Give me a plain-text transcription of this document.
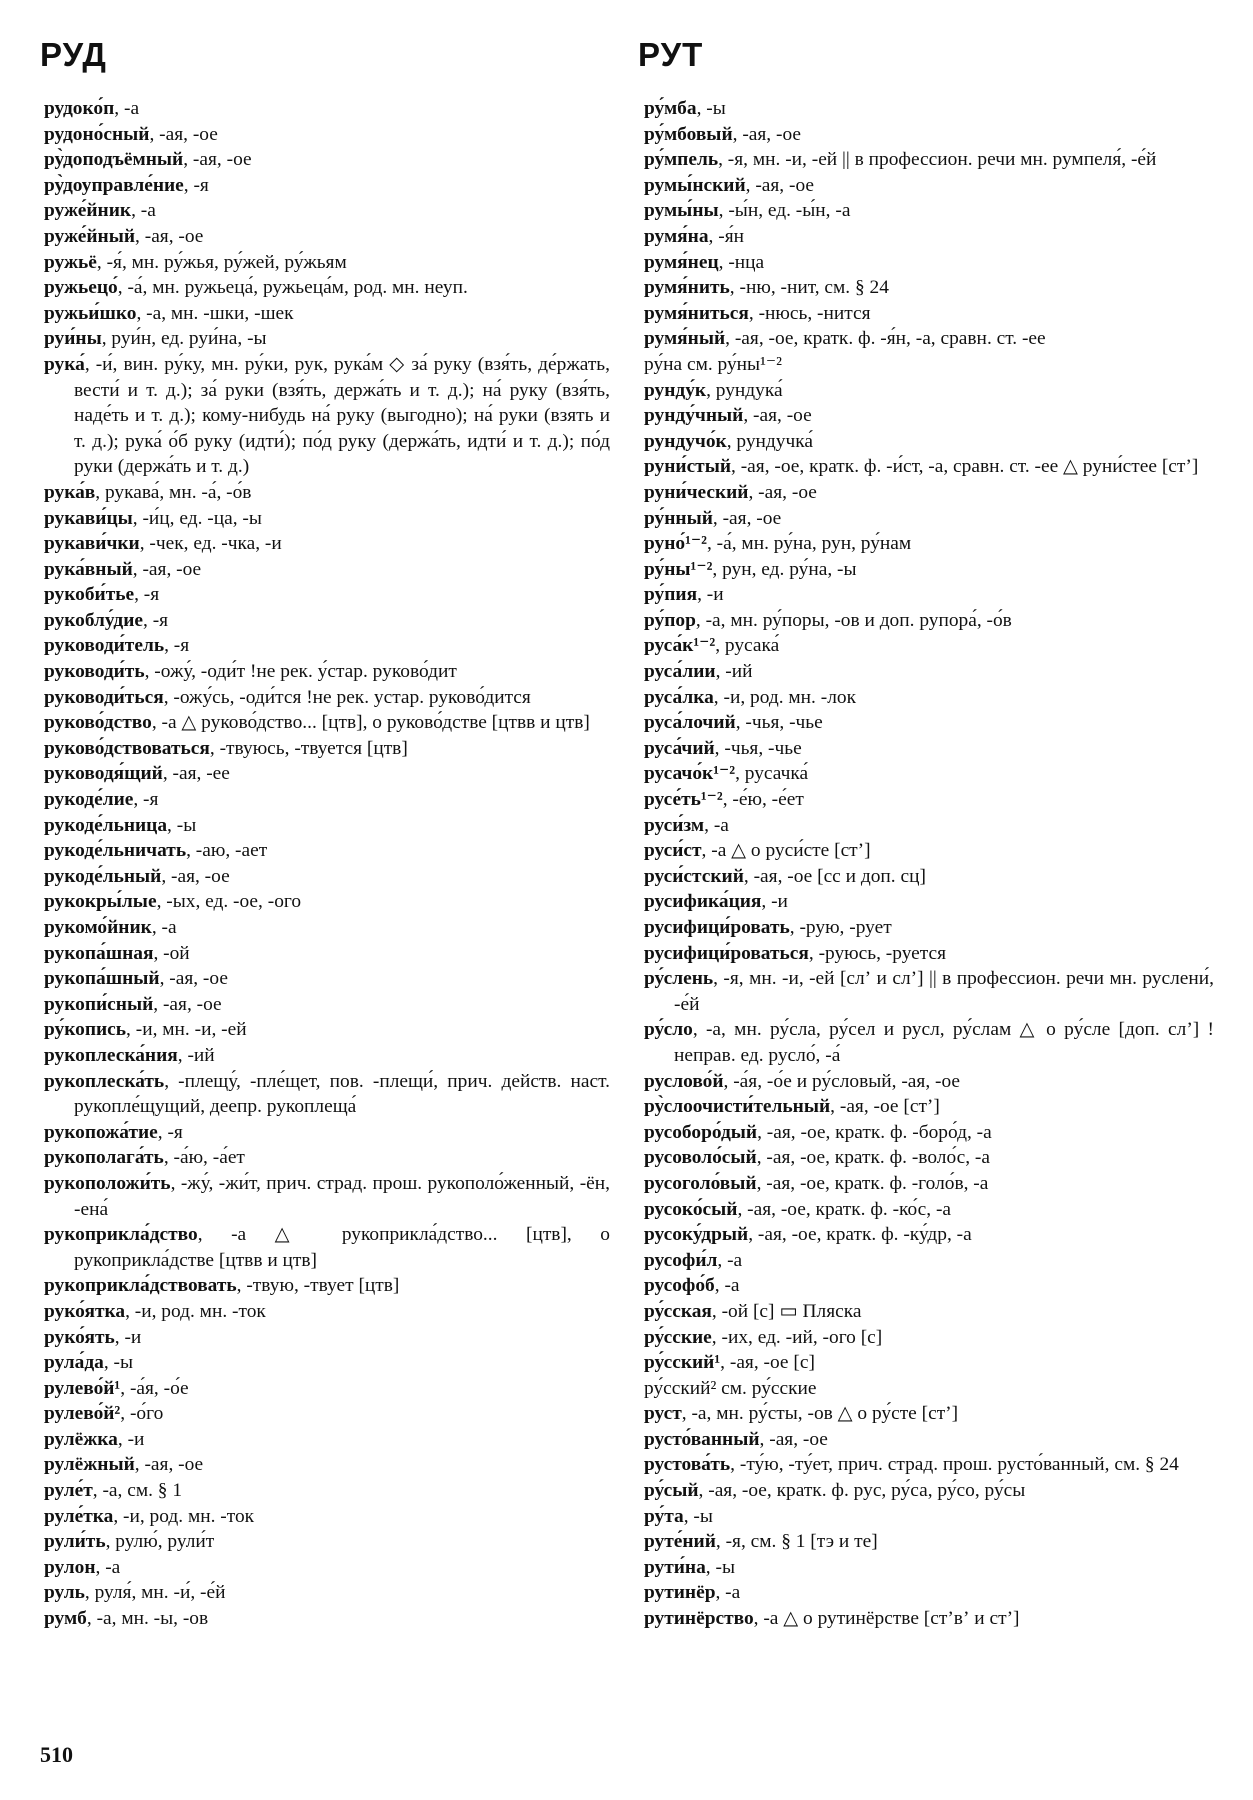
РУД	РУТ
рудоко́п, -а
рудоно́сный, -ая, -ое
ру̀доподъёмный, -ая, -ое
ру̀доуправле́ние, -я
руже́йник, -а
руже́йный, -ая, -ое
ружьё, -я́, мн. ру́жья, ру́жей, ру́жьям
ружьецо́, -а́, мн. ружьеца́, ружьеца́м, род. мн. неуп.
ружьи́шко, -а, мн. -шки, -шек
руи́ны, руи́н, ед. руи́на, -ы
рука́, -и́, вин. ру́ку, мн. ру́ки, рук, рука́м ◇ за́ руку (взя́ть, де́ржать, вести́ и т. д.); за́ руки (взя́ть, держа́ть и т. д.); на́ руку (взя́ть, наде́ть и т. д.); кому-нибудь на́ руку (выгодно); на́ руки (взять и т. д.); рука́ о́б руку (идти́); по́д руку (держа́ть, идти́ и т. д.); по́д руки (держа́ть и т. д.)
рука́в, рукава́, мн. -а́, -о́в
рукави́цы, -и́ц, ед. -ца, -ы
рукави́чки, -чек, ед. -чка, -и
рука́вный, -ая, -ое
рукоби́тье, -я
рукоблу́дие, -я
руководи́тель, -я
руководи́ть, -ожу́, -оди́т !не рек. у́стар. руково́дит
руководи́ться, -ожу́сь, -оди́тся !не рек. устар. руково́дится
руково́дство, -а △ руково́дство... [цтв], о руково́дстве [цтвв и цтв]
руково́дствоваться, -твуюсь, -твуется [цтв]
руководя́щий, -ая, -ее
рукоде́лие, -я
рукоде́льница, -ы
рукоде́льничать, -аю, -ает
рукоде́льный, -ая, -ое
рукокры́лые, -ых, ед. -ое, -ого
рукомо́йник, -а
рукопа́шная, -ой
рукопа́шный, -ая, -ое
рукопи́сный, -ая, -ое
ру́копись, -и, мн. -и, -ей
рукоплеска́ния, -ий
рукоплеска́ть, -плещу́, -пле́щет, пов. -плещи́, прич. действ. наст. рукопле́щущий, деепр. рукоплеща́
рукопожа́тие, -я
рукополага́ть, -а́ю, -а́ет
рукоположи́ть, -жу́, -жи́т, прич. страд. прош. рукополо́женный, -ён, -ена́
рукоприкла́дство, -а △ рукоприкла́дство... [цтв], о рукоприкла́дстве [цтвв и цтв]
рукоприкла́дствовать, -твую, -твует [цтв]
руко́ятка, -и, род. мн. -ток
руко́ять, -и
рула́да, -ы
рулево́й¹, -а́я, -о́е
рулево́й², -о́го
рулёжка, -и
рулёжный, -ая, -ое
руле́т, -а, см. § 1
руле́тка, -и, род. мн. -ток
рули́ть, рулю́, рули́т
рулон, -а
руль, руля́, мн. -и́, -е́й
румб, -а, мн. -ы, -ов
ру́мба, -ы
ру́мбовый, -ая, -ое
ру́мпель, -я, мн. -и, -ей || в профессион. речи мн. румпеля́, -е́й
румы́нский, -ая, -ое
румы́ны, -ы́н, ед. -ы́н, -а
румя́на, -я́н
румя́нец, -нца
румя́нить, -ню, -нит, см. § 24
румя́ниться, -нюсь, -нится
румя́ный, -ая, -ое, кратк. ф. -я́н, -а, сравн. ст. -ее
ру́на см. ру́ны¹⁻²
рунду́к, рундука́
рунду́чный, -ая, -ое
рундучо́к, рундучка́
руни́стый, -ая, -ое, кратк. ф. -и́ст, -а, сравн. ст. -ее △ руни́стее [стʼ]
руни́ческий, -ая, -ое
ру́нный, -ая, -ое
руно́¹⁻², -а́, мн. ру́на, рун, ру́нам
ру́ны¹⁻², рун, ед. ру́на, -ы
ру́пия, -и
ру́пор, -а, мн. ру́поры, -ов и доп. рупора́, -о́в
руса́к¹⁻², русака́
руса́лии, -ий
руса́лка, -и, род. мн. -лок
руса́лочий, -чья, -чье
руса́чий, -чья, -чье
русачо́к¹⁻², русачка́
русе́ть¹⁻², -е́ю, -е́ет
руси́зм, -а
руси́ст, -а △ о руси́сте [стʼ]
руси́стский, -ая, -ое [сс и доп. сц]
русифика́ция, -и
русифици́ровать, -рую, -рует
русифици́роваться, -руюсь, -руется
ру́слень, -я, мн. -и, -ей [слʼ и слʼ] || в профессион. речи мн. руслени́, -е́й
ру́сло, -а, мн. ру́сла, ру́сел и русл, ру́слам △ о ру́сле [доп. слʼ] !неправ. ед. русло́, -а́
руслово́й, -а́я, -о́е и ру́словый, -ая, -ое
ру̀слоочисти́тельный, -ая, -ое [стʼ]
русоборо́дый, -ая, -ое, кратк. ф. -боро́д, -а
русоволо́сый, -ая, -ое, кратк. ф. -воло́с, -а
русоголо́вый, -ая, -ое, кратк. ф. -голо́в, -а
русоко́сый, -ая, -ое, кратк. ф. -ко́с, -а
русоку́дрый, -ая, -ое, кратк. ф. -ку́др, -а
русофи́л, -а
русофо́б, -а
ру́сская, -ой [с] ▭ Пляска
ру́сские, -их, ед. -ий, -ого [с]
ру́сский¹, -ая, -ое [с]
ру́сский² см. ру́сские
руст, -а, мн. ру́сты, -ов △ о ру́сте [стʼ]
русто́ванный, -ая, -ое
рустова́ть, -ту́ю, -ту́ет, прич. страд. прош. русто́ванный, см. § 24
ру́сый, -ая, -ое, кратк. ф. рус, ру́са, ру́со, ру́сы
ру́та, -ы
руте́ний, -я, см. § 1 [тэ и те]
рути́на, -ы
рутинёр, -а
рутинёрство, -а △ о рутинёрстве [стʼвʼ и стʼ]
510
